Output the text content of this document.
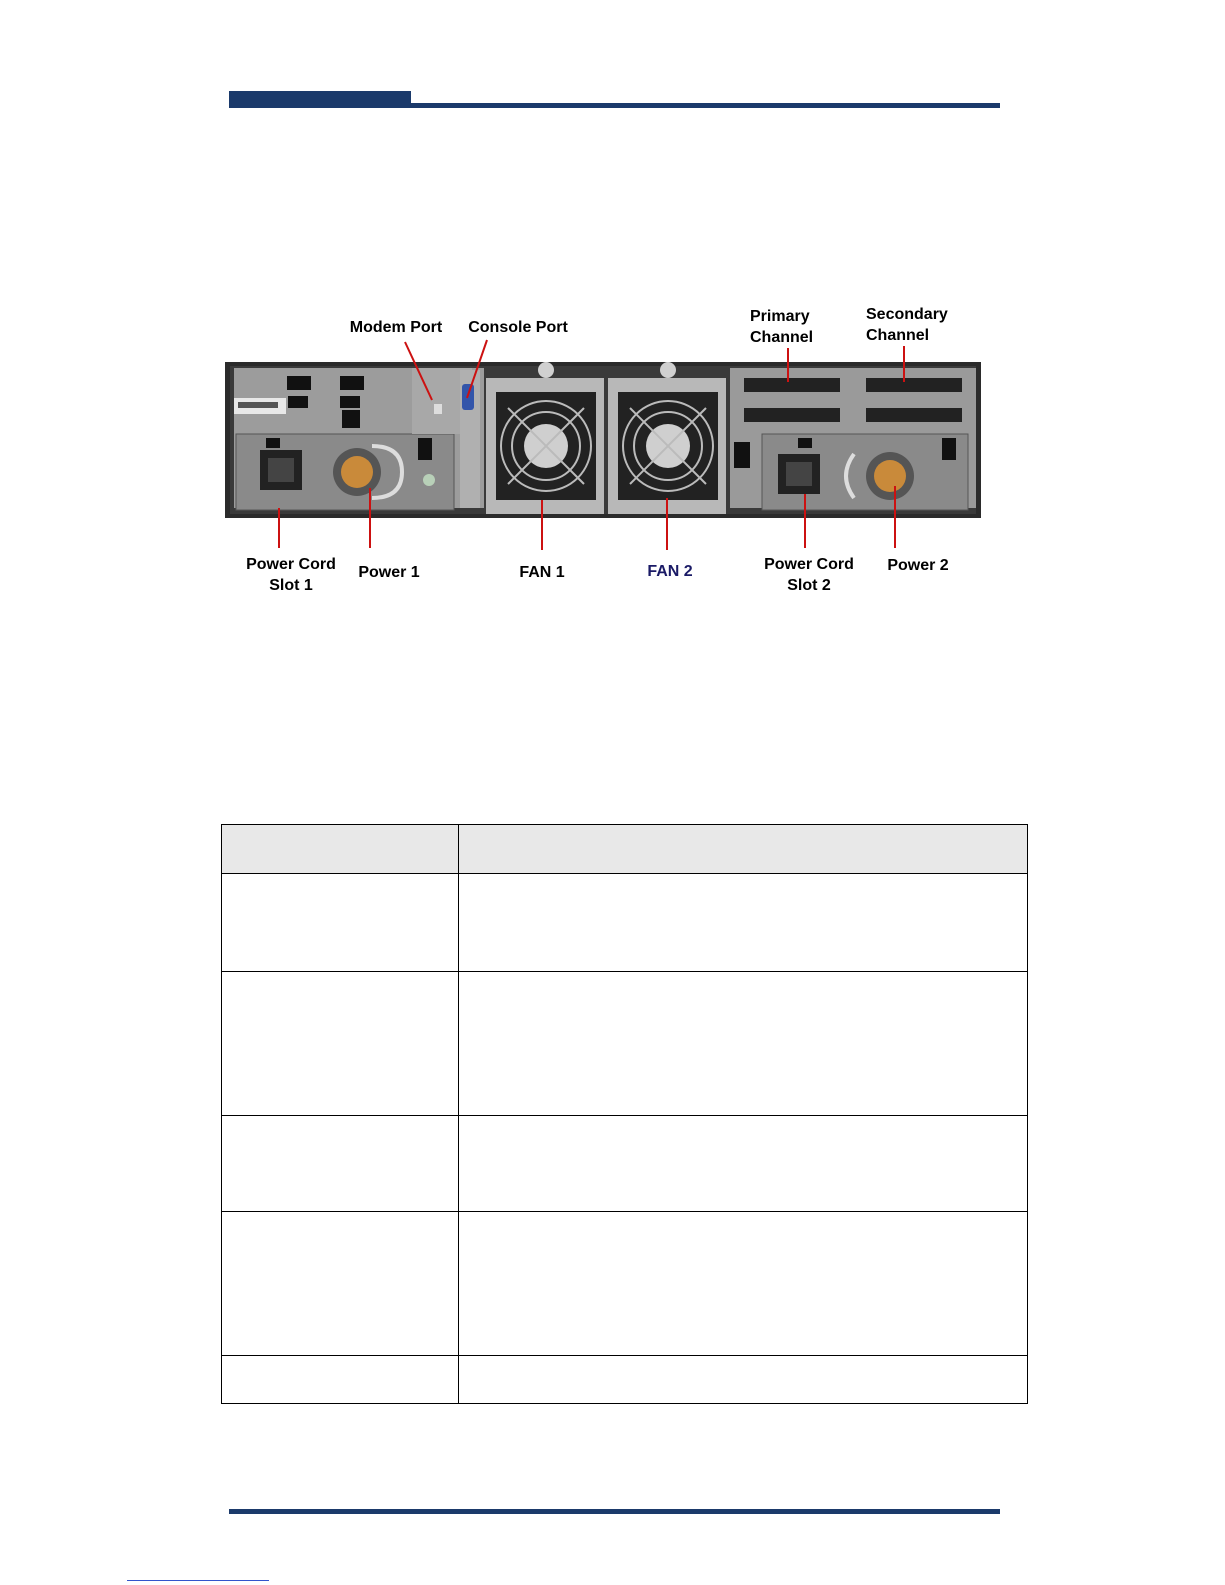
Modem Port	Console Port
Primary
Channel
Secondary
Channel
Power Cord
Slot 1
Power 1	FAN 1	FAN 2	Power Cord
Slot 2
Power 2
